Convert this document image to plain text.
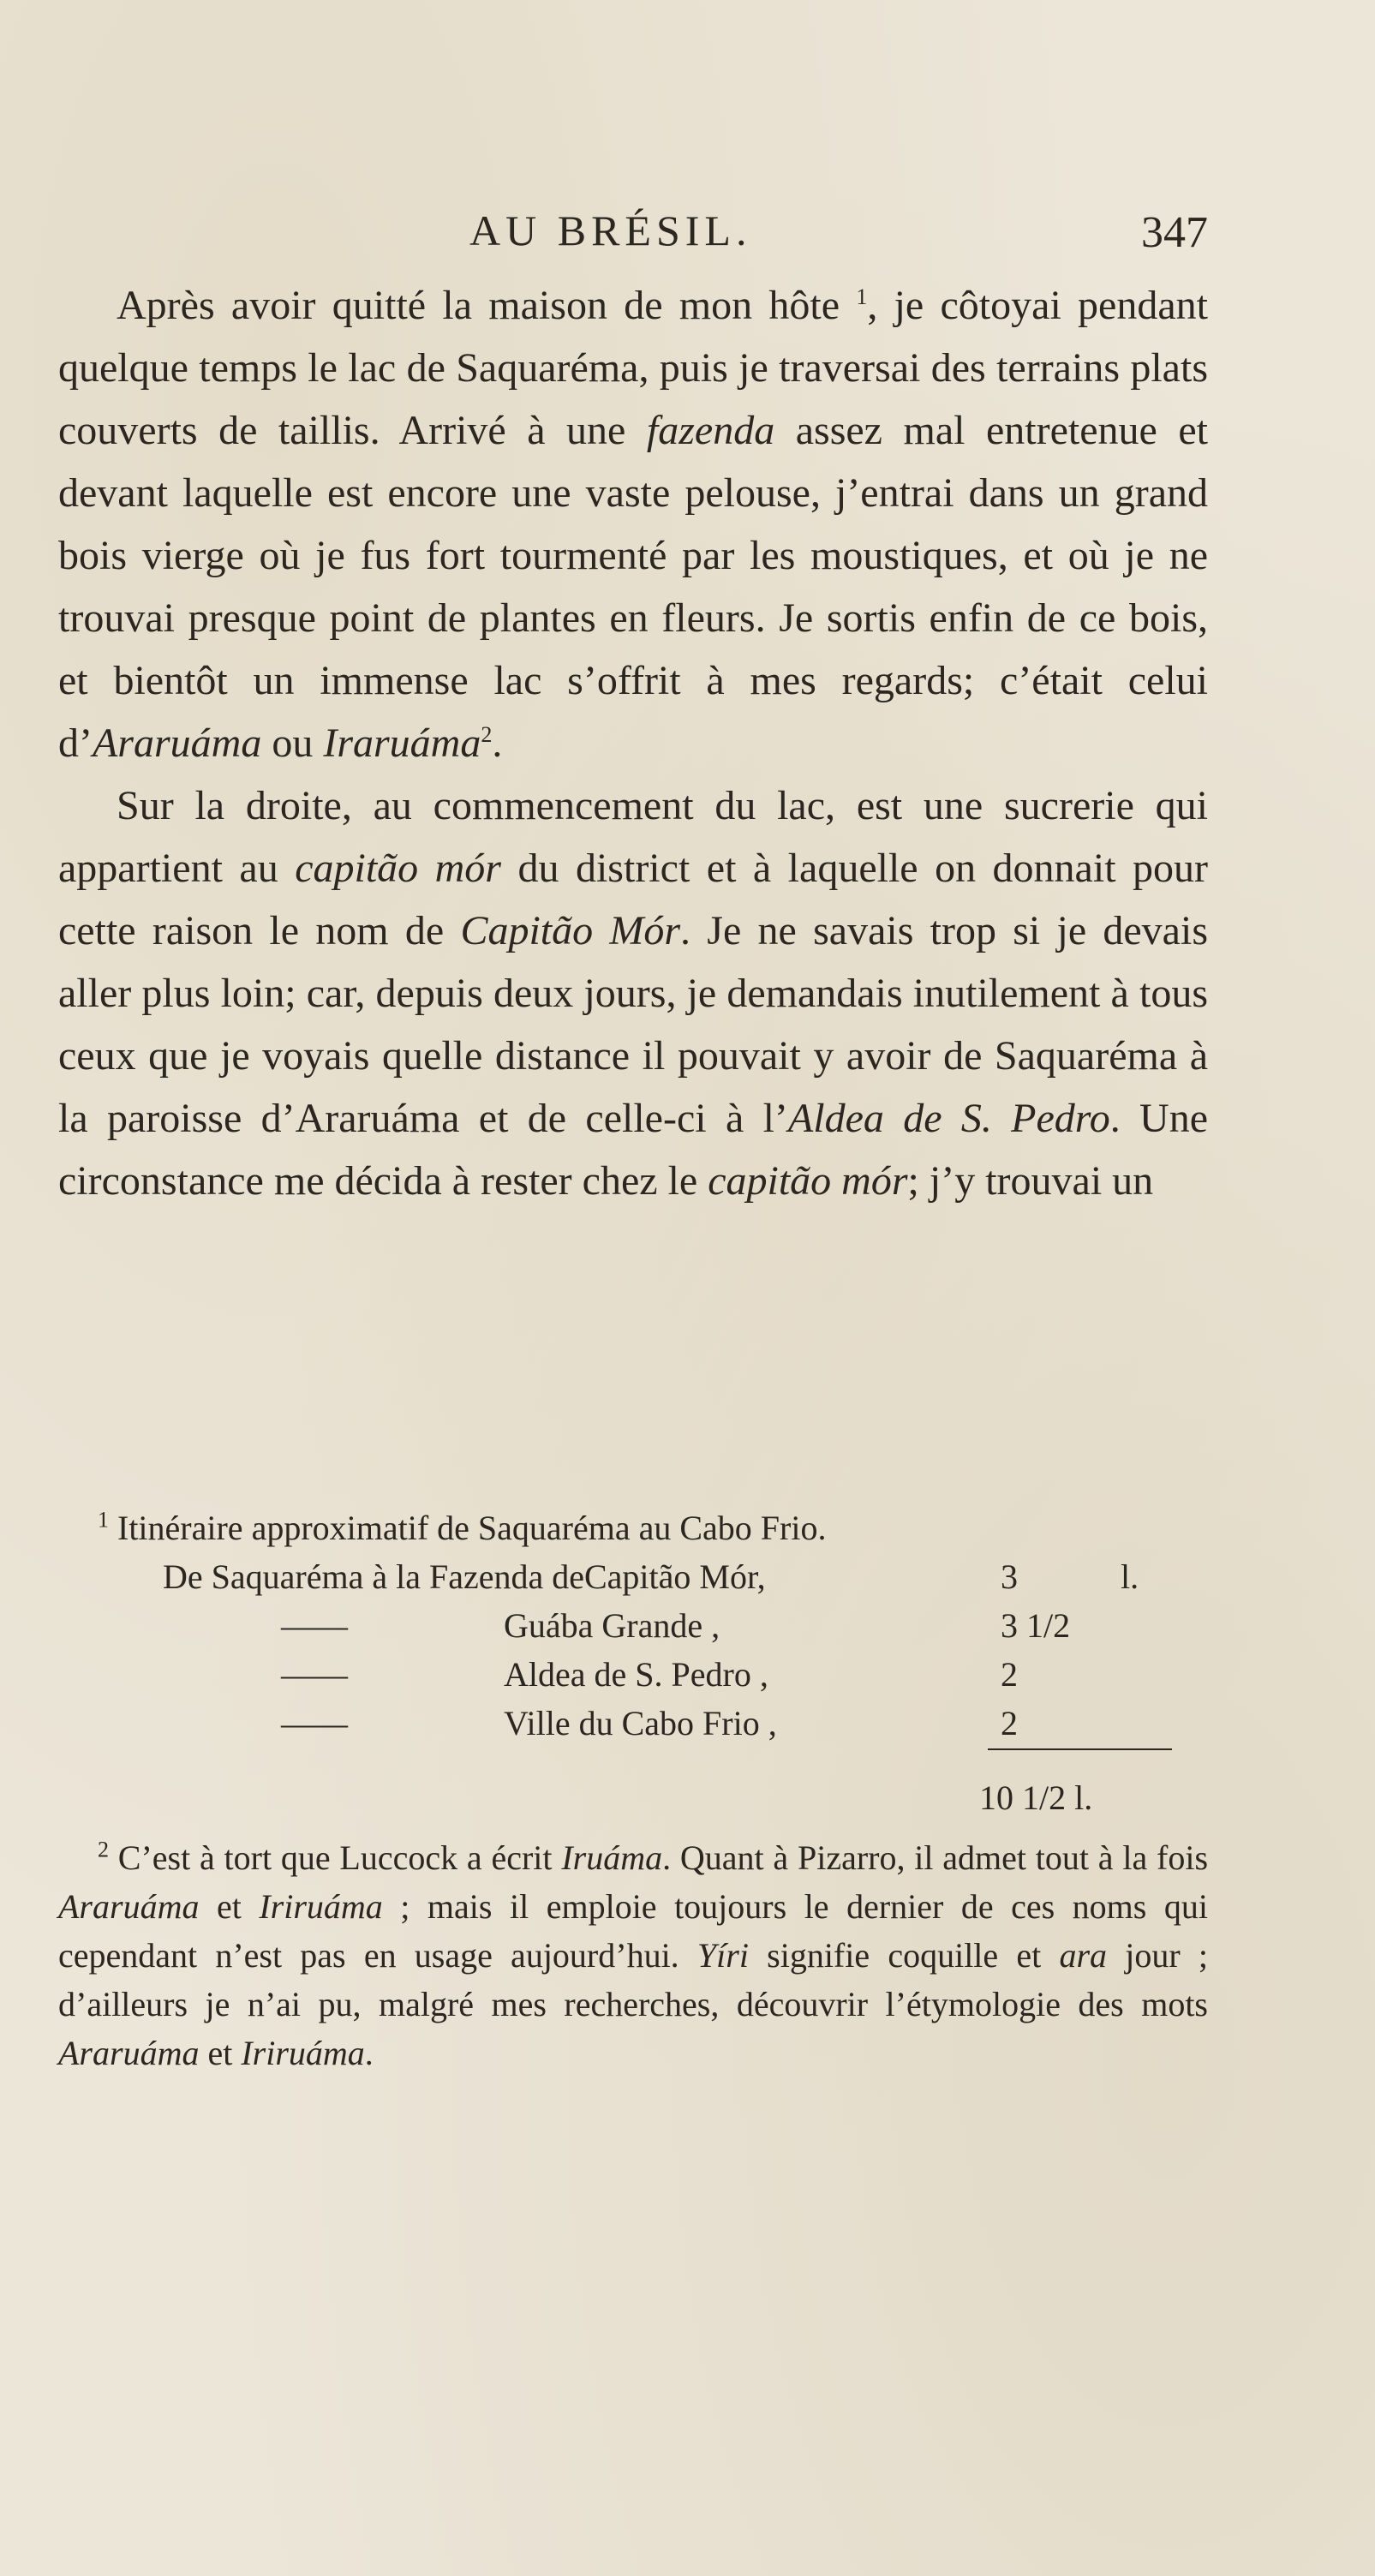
AU BRÉSIL.	347

Après avoir quitté la maison de mon hôte $^1$, je côtoyai pendant quelque temps le lac de Saquaréma, puis je traversai des terrains plats couverts de taillis. Arrivé à une fazenda assez mal entretenue et devant laquelle est encore une vaste pelouse, j’entrai dans un grand bois vierge où je fus fort tourmenté par les moustiques, et où je ne trouvai presque point de plantes en fleurs. Je sortis enfin de ce bois, et bientôt un immense lac s’offrit à mes regards; c’était celui d’Araruáma ou Iraruáma$^2$.

Sur la droite, au commencement du lac, est une sucrerie qui appartient au capitão mór du district et à laquelle on donnait pour cette raison le nom de Capitão Mór. Je ne savais trop si je devais aller plus loin; car, depuis deux jours, je demandais inutilement à tous ceux que je voyais quelle distance il pouvait y avoir de Saquaréma à la paroisse d’Araruáma et de celle-ci à l’Aldea de S. Pedro. Une circonstance me décida à rester chez le capitão mór; j’y trouvai un

$^1$ Itinéraire approximatif de Saquaréma au Cabo Frio.
De Saquaréma à la Fazenda deCapitão Mór,	3	l.
——	Guába Grande ,	3 1/2
——	Aldea de S. Pedro ,	2
——	Ville du Cabo Frio ,	2
10 1/2 l.
$^2$ C’est à tort que Luccock a écrit Iruáma. Quant à Pizarro, il admet tout à la fois Araruáma et Iriruáma ; mais il emploie toujours le dernier de ces noms qui cependant n’est pas en usage aujourd’hui. Yíri signifie coquille et ara jour ; d’ailleurs je n’ai pu, malgré mes recherches, découvrir l’étymologie des mots Araruáma et Iriruáma.
